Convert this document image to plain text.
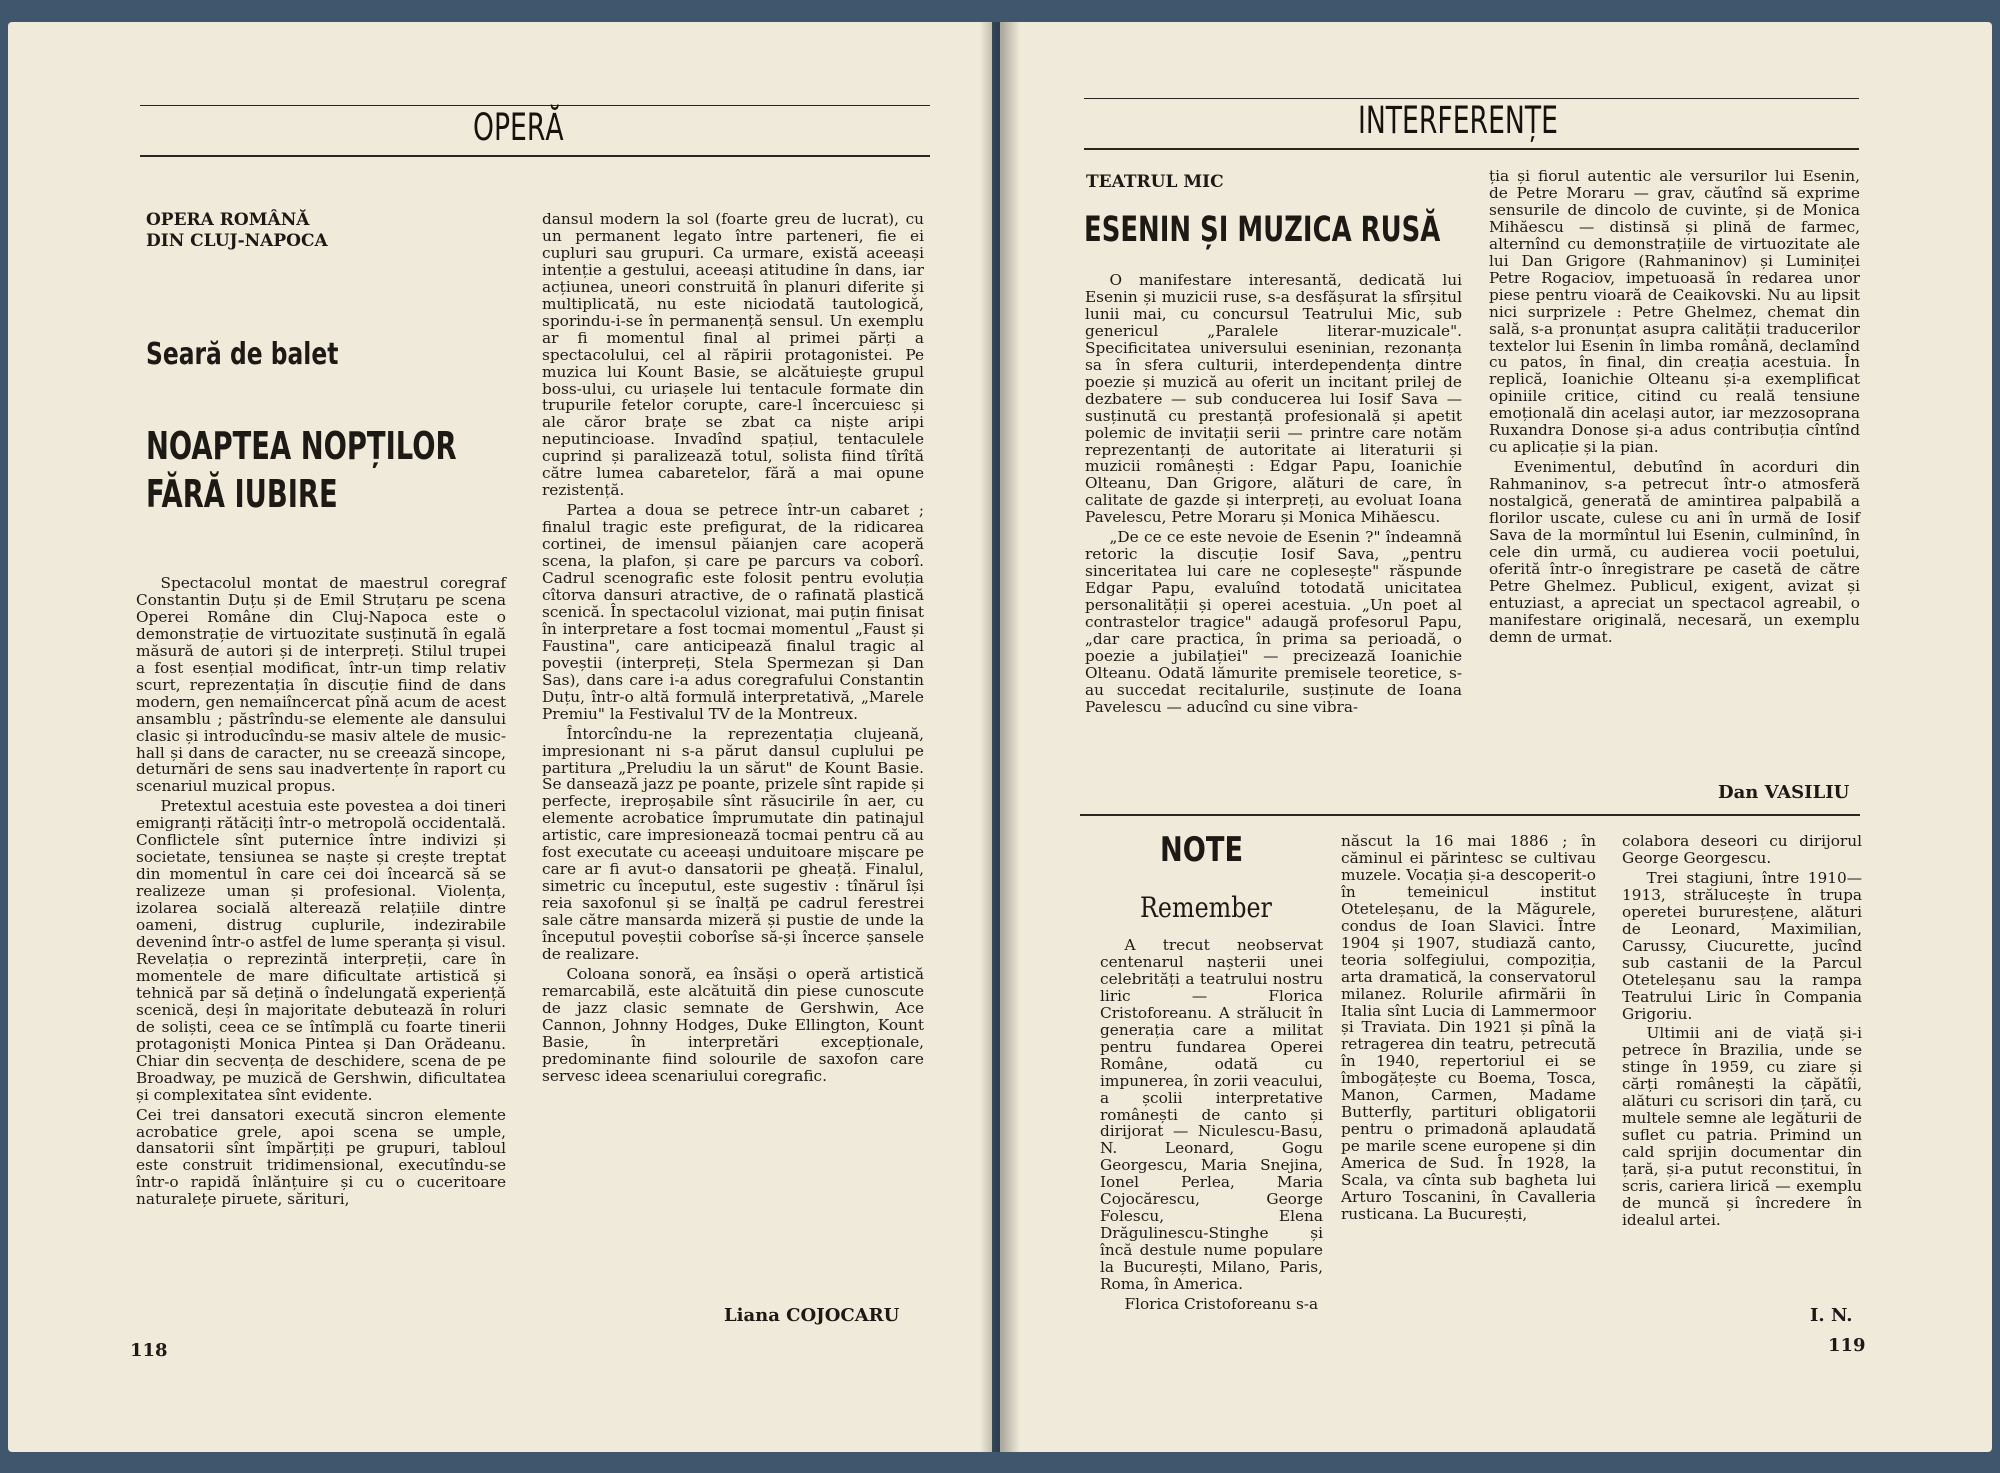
OPERĂ
OPERA ROMÂNĂ
DIN CLUJ-NAPOCA
Seară de balet
NOAPTEA NOPȚILOR
FĂRĂ IUBIRE

Spectacolul montat de maestrul coregraf Constantin Duțu și de Emil Struțaru pe scena Operei Române din Cluj-Napoca este o demonstrație de virtuozitate susținută în egală măsură de autori și de interpreți. Stilul trupei a fost esențial modificat, într-un timp relativ scurt, reprezentația în discuție fiind de dans modern, gen nemaiîncercat pînă acum de acest ansamblu ; păstrîndu-se elemente ale dansului clasic și introducîndu-se masiv altele de music-hall și dans de caracter, nu se creează sincope, deturnări de sens sau inadvertențe în raport cu scenariul muzical propus.

Pretextul acestuia este povestea a doi tineri emigranți rătăciți într-o metropolă occidentală. Conflictele sînt puternice între indivizi și societate, tensiunea se naște și crește treptat din momentul în care cei doi încearcă să se realizeze uman și profesional. Violența, izolarea socială alterează relațiile dintre oameni, distrug cuplurile, indezirabile devenind într-o astfel de lume speranța și visul. Revelația o reprezintă interpreții, care în momentele de mare dificultate artistică și tehnică par să dețină o îndelungată experiență scenică, deși în majoritate debutează în roluri de soliști, ceea ce se întîmplă cu foarte tinerii protagoniști Monica Pintea și Dan Orădeanu. Chiar din secvența de deschidere, scena de pe Broadway, pe muzică de Gershwin, dificultatea și complexitatea sînt evidente.

Cei trei dansatori execută sincron elemente acrobatice grele, apoi scena se umple, dansatorii sînt împărțiți pe grupuri, tabloul este construit tridimensional, executîndu-se într-o rapidă înlănțuire și cu o cuceritoare naturalețe piruete, sărituri,

dansul modern la sol (foarte greu de lucrat), cu un permanent legato între parteneri, fie ei cupluri sau grupuri. Ca urmare, există aceeași intenție a gestului, aceeași atitudine în dans, iar acțiunea, uneori construită în planuri diferite și multiplicată, nu este niciodată tautologică, sporindu-i-se în permanență sensul. Un exemplu ar fi momentul final al primei părți a spectacolului, cel al răpirii protagonistei. Pe muzica lui Kount Basie, se alcătuiește grupul boss-ului, cu uriașele lui tentacule formate din trupurile fetelor corupte, care-l încercuiesc și ale căror brațe se zbat ca niște aripi neputincioase. Invadînd spațiul, tentaculele cuprind și paralizează totul, solista fiind tîrîtă către lumea cabaretelor, fără a mai opune rezistență.

Partea a doua se petrece într-un cabaret ; finalul tragic este prefigurat, de la ridicarea cortinei, de imensul păianjen care acoperă scena, la plafon, și care pe parcurs va coborî. Cadrul scenografic este folosit pentru evoluția cîtorva dansuri atractive, de o rafinată plastică scenică. În spectacolul vizionat, mai puțin finisat în interpretare a fost tocmai momentul „Faust și Faustina", care anticipează finalul tragic al poveștii (interpreți, Stela Spermezan și Dan Sas), dans care i-a adus coregrafului Constantin Duțu, într-o altă formulă interpretativă, „Marele Premiu" la Festivalul TV de la Montreux.

Întorcîndu-ne la reprezentația clujeană, impresionant ni s-a părut dansul cuplului pe partitura „Preludiu la un sărut" de Kount Basie. Se dansează jazz pe poante, prizele sînt rapide și perfecte, ireproșabile sînt răsucirile în aer, cu elemente acrobatice împrumutate din patinajul artistic, care impresionează tocmai pentru că au fost executate cu aceeași unduitoare mișcare pe care ar fi avut-o dansatorii pe gheață. Finalul, simetric cu începutul, este sugestiv : tînărul își reia saxofonul și se înalță pe cadrul ferestrei sale către mansarda mizeră și pustie de unde la începutul poveștii coborîse să-și încerce șansele de realizare.

Coloana sonoră, ea însăși o operă artistică remarcabilă, este alcătuită din piese cunoscute de jazz clasic semnate de Gershwin, Ace Cannon, Johnny Hodges, Duke Ellington, Kount Basie, în interpretări excepționale, predominante fiind solourile de saxofon care servesc ideea scenariului coregrafic.

Liana COJOCARU
118
INTERFERENȚE
TEATRUL MIC
ESENIN ȘI MUZICA RUSĂ

O manifestare interesantă, dedicată lui Esenin și muzicii ruse, s-a desfășurat la sfîrșitul lunii mai, cu concursul Teatrului Mic, sub genericul „Paralele literar-muzicale". Specificitatea universului eseninian, rezonanța sa în sfera culturii, interdependența dintre poezie și muzică au oferit un incitant prilej de dezbatere — sub conducerea lui Iosif Sava — susținută cu prestanță profesională și apetit polemic de invitații serii — printre care notăm reprezentanți de autoritate ai literaturii și muzicii românești : Edgar Papu, Ioanichie Olteanu, Dan Grigore, alături de care, în calitate de gazde și interpreți, au evoluat Ioana Pavelescu, Petre Moraru și Monica Mihăescu.

„De ce ce este nevoie de Esenin ?" îndeamnă retoric la discuție Iosif Sava, „pentru sinceritatea lui care ne coplesește" răspunde Edgar Papu, evaluînd totodată unicitatea personalității și operei acestuia. „Un poet al contrastelor tragice" adaugă profesorul Papu, „dar care practica, în prima sa perioadă, o poezie a jubilației" — precizează Ioanichie Olteanu. Odată lămurite premisele teoretice, s-au succedat recitalurile, susținute de Ioana Pavelescu — aducînd cu sine vibra-

ția și fiorul autentic ale versurilor lui Esenin, de Petre Moraru — grav, căutînd să exprime sensurile de dincolo de cuvinte, și de Monica Mihăescu — distinsă și plină de farmec, alternînd cu demonstrațiile de virtuozitate ale lui Dan Grigore (Rahmaninov) și Luminiței Petre Rogaciov, impetuoasă în redarea unor piese pentru vioară de Ceaikovski. Nu au lipsit nici surprizele : Petre Ghelmez, chemat din sală, s-a pronunțat asupra calității traducerilor textelor lui Esenin în limba română, declamînd cu patos, în final, din creația acestuia. În replică, Ioanichie Olteanu și-a exemplificat opiniile critice, citind cu reală tensiune emoțională din același autor, iar mezzosoprana Ruxandra Donose și-a adus contribuția cîntînd cu aplicație și la pian.

Evenimentul, debutînd în acorduri din Rahmaninov, s-a petrecut într-o atmosferă nostalgică, generată de amintirea palpabilă a florilor uscate, culese cu ani în urmă de Iosif Sava de la mormîntul lui Esenin, culminînd, în cele din urmă, cu audierea vocii poetului, oferită într-o înregistrare pe casetă de către Petre Ghelmez. Publicul, exigent, avizat și entuziast, a apreciat un spectacol agreabil, o manifestare originală, necesară, un exemplu demn de urmat.

Dan VASILIU
NOTE
Remember

A trecut neobservat centenarul nașterii unei celebrități a teatrului nostru liric — Florica Cristoforeanu. A strălucit în generația care a militat pentru fundarea Operei Române, odată cu impunerea, în zorii veacului, a școlii interpretative românești de canto și dirijorat — Niculescu-Basu, N. Leonard, Gogu Georgescu, Maria Snejina, Ionel Perlea, Maria Cojocărescu, George Folescu, Elena Drăgulinescu-Stinghe și încă destule nume populare la București, Milano, Paris, Roma, în America.

Florica Cristoforeanu s-a

născut la 16 mai 1886 ; în căminul ei părintesc se cultivau muzele. Vocația și-a descoperit-o în temeinicul institut Oteteleșanu, de la Măgurele, condus de Ioan Slavici. Între 1904 și 1907, studiază canto, teoria solfegiului, compoziția, arta dramatică, la conservatorul milanez. Rolurile afirmării în Italia sînt Lucia di Lammermoor și Traviata. Din 1921 și pînă la retragerea din teatru, petrecută în 1940, repertoriul ei se îmbogățește cu Boema, Tosca, Manon, Carmen, Madame Butterfly, partituri obligatorii pentru o primadonă aplaudată pe marile scene europene și din America de Sud. În 1928, la Scala, va cînta sub bagheta lui Arturo Toscanini, în Cavalleria rusticana. La București,

colabora deseori cu dirijorul George Georgescu.

Trei stagiuni, între 1910—1913, strălucește în trupa operetei bururesțene, alături de Leonard, Maximilian, Carussy, Ciucurette, jucînd sub castanii de la Parcul Oteteleșanu sau la rampa Teatrului Liric în Compania Grigoriu.

Ultimii ani de viață și-i petrece în Brazilia, unde se stinge în 1959, cu ziare și cărți românești la căpătîi, alături cu scrisori din țară, cu multele semne ale legăturii de suflet cu patria. Primind un cald sprijin documentar din țară, și-a putut reconstitui, în scris, cariera lirică — exemplu de muncă și încredere în idealul artei.

I. N.
119
